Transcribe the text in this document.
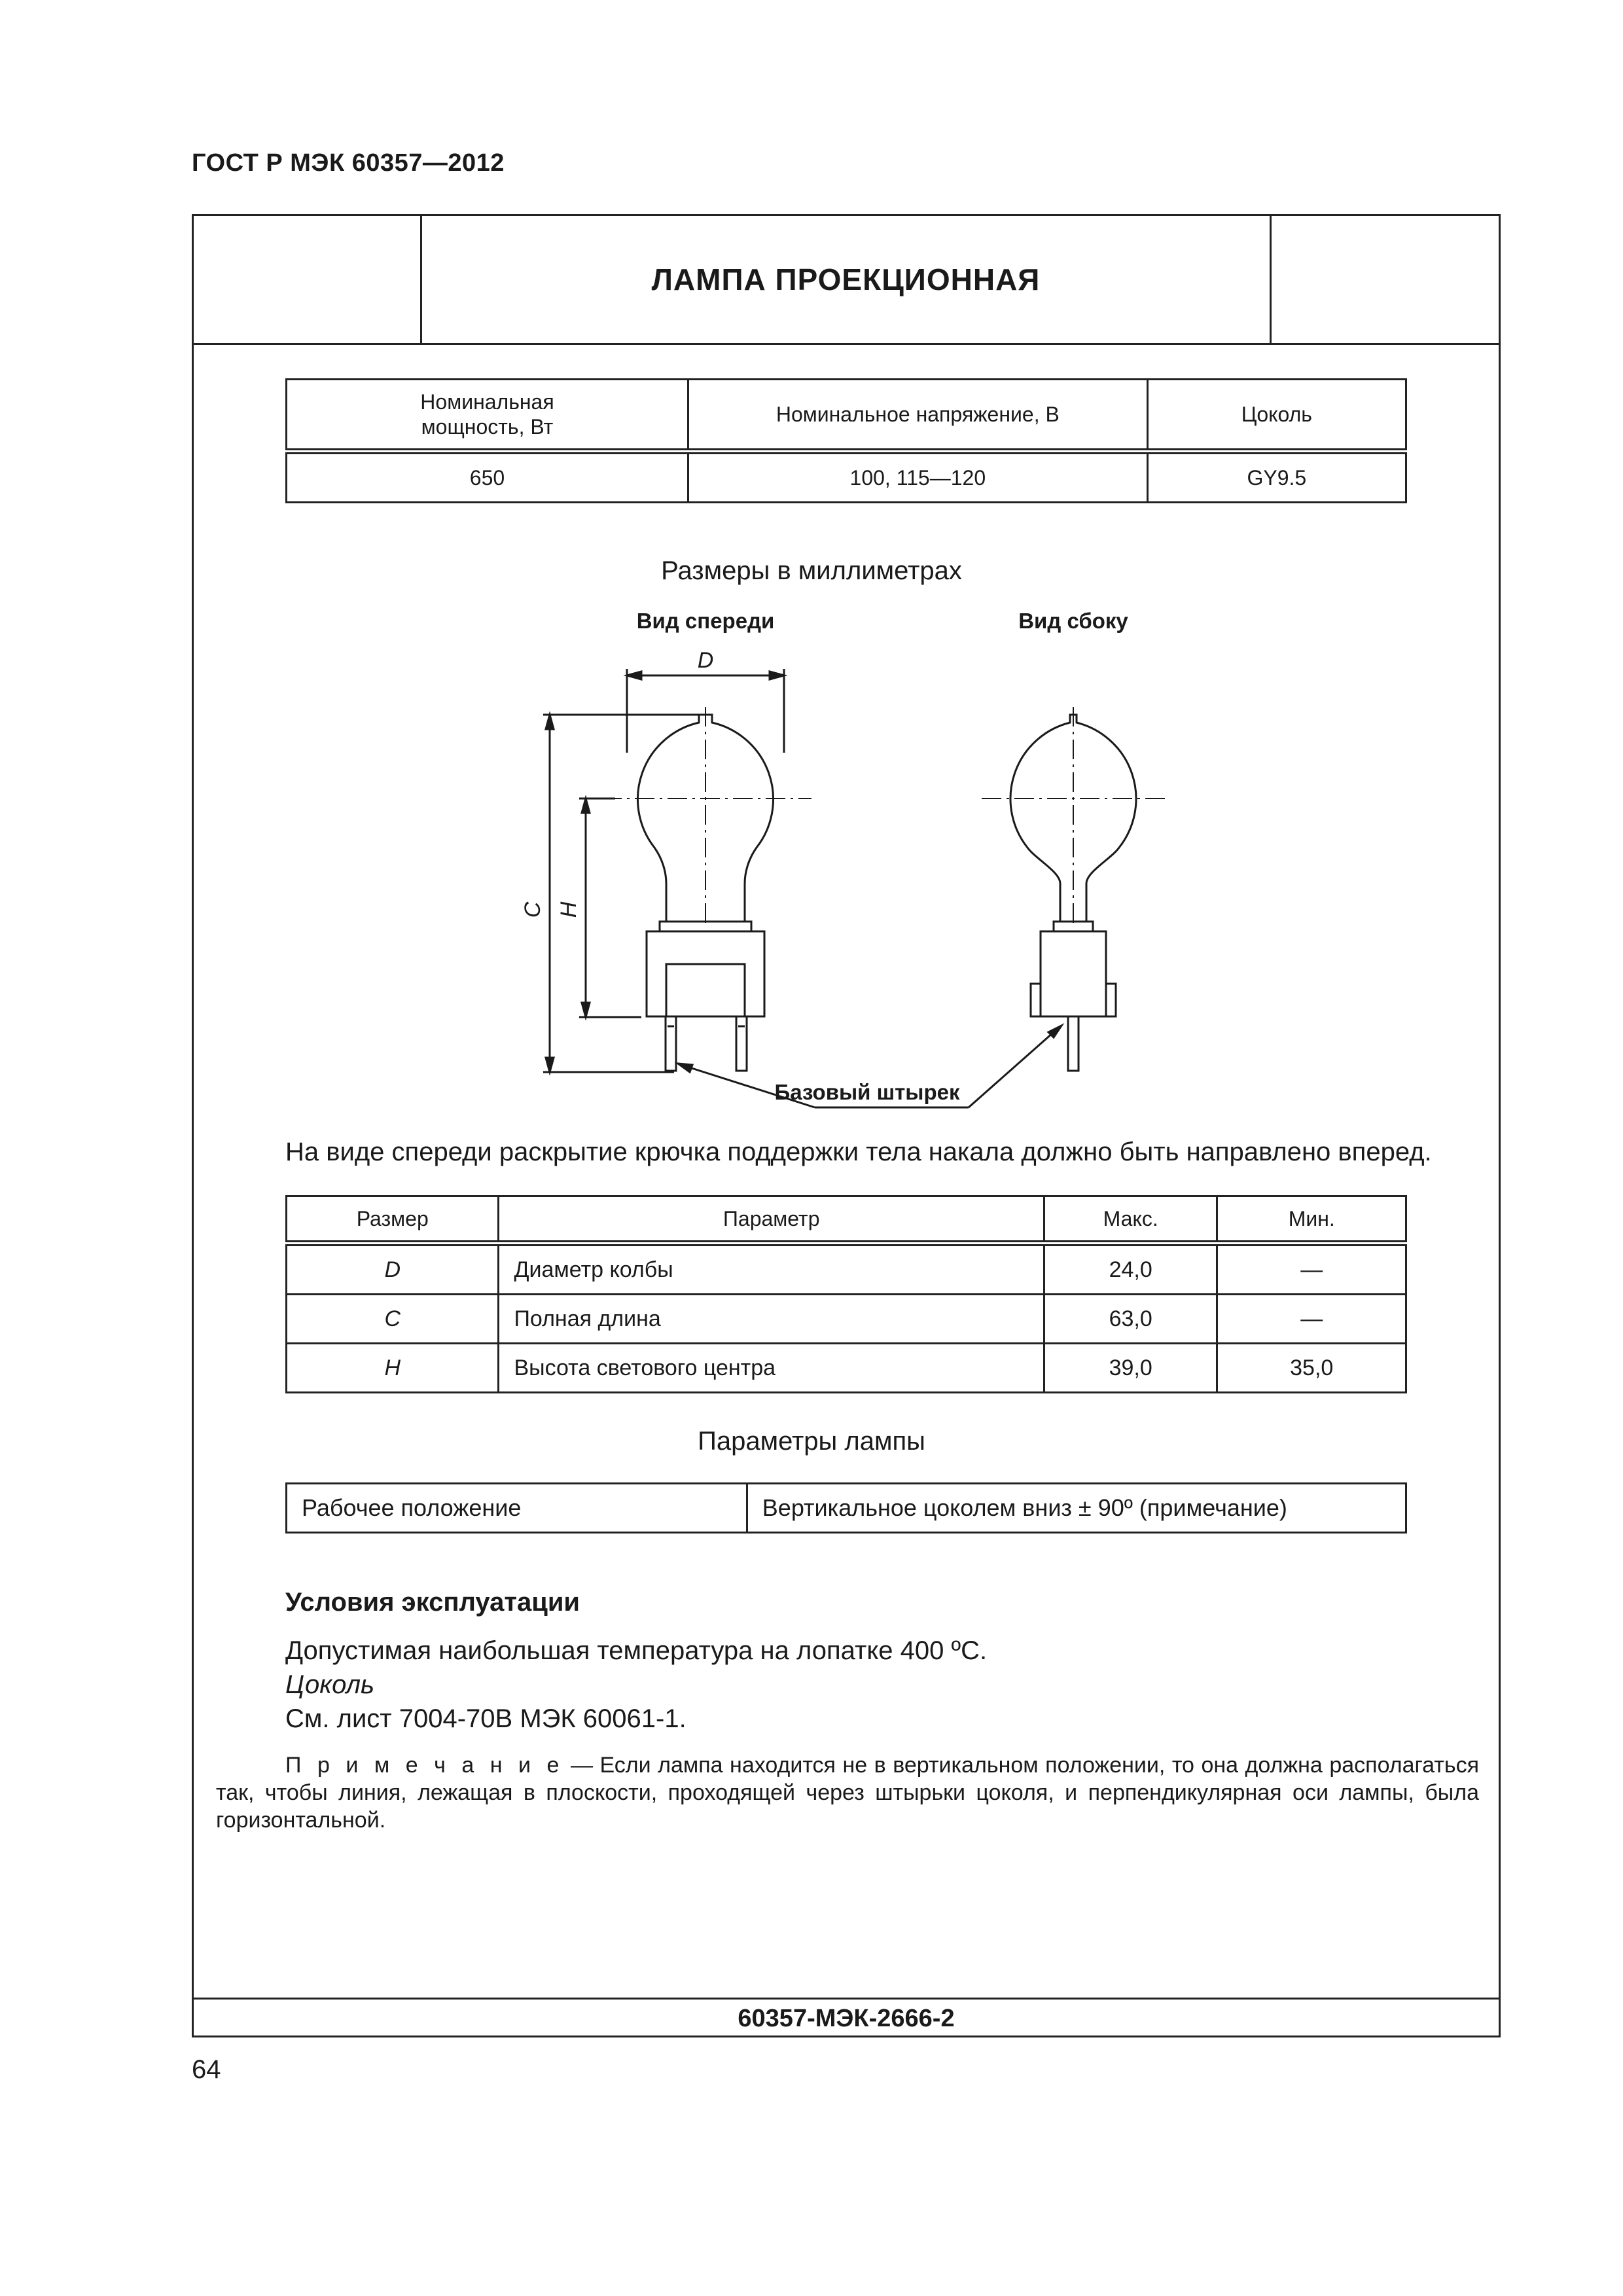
ГОСТ Р МЭК 60357—2012
ЛАМПА ПРОЕКЦИОННАЯ
Номинальная
мощность, Вт	Номинальное напряжение, В	Цоколь
650	100, 115—120	GY9.5
Размеры в миллиметрах
Вид спереди	Вид сбоку
D
C H
Базовый штырек
На виде спереди раскрытие крючка поддержки тела накала должно быть направлено вперед.
Размер	Параметр	Макс.	Мин.
D	Диаметр колбы	24,0	—
C	Полная длина	63,0	—
H	Высота светового центра	39,0	35,0
Параметры лампы
Рабочее положение	Вертикальное цоколем вниз ± 90º (примечание)
Условия эксплуатации
Допустимая наибольшая температура на лопатке 400 ºС.
Цоколь
См. лист 7004-70В МЭК 60061-1.
П р и м е ч а н и е — Если лампа находится не в вертикальном положении, то она должна располагаться так, чтобы линия, лежащая в плоскости, проходящей через штырьки цоколя, и перпендикулярная оси лампы, была горизонтальной.
60357-МЭК-2666-2
64
